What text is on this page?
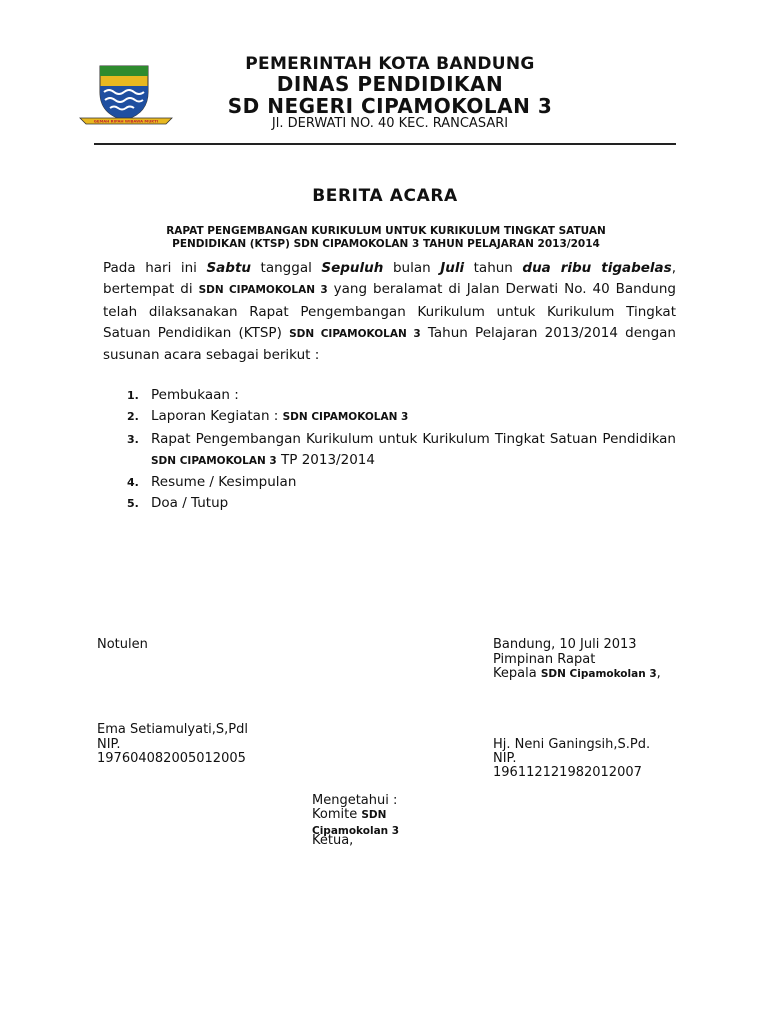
GEMAH RIPAH WIBAWA MUKTI
PEMERINTAH KOTA BANDUNG
DINAS PENDIDIKAN
SD NEGERI CIPAMOKOLAN 3
Jl. DERWATI NO. 40 KEC. RANCASARI
BERITA ACARA
RAPAT PENGEMBANGAN KURIKULUM UNTUK KURIKULUM TINGKAT SATUAN
PENDIDIKAN (KTSP) SDN CIPAMOKOLAN 3 TAHUN PELAJARAN 2013/2014
Pada hari ini Sabtu tanggal Sepuluh bulan Juli tahun dua ribu tigabelas, bertempat di SDN CIPAMOKOLAN 3 yang beralamat di Jalan Derwati No. 40 Bandung telah dilaksanakan Rapat Pengembangan Kurikulum untuk Kurikulum Tingkat Satuan Pendidikan (KTSP) SDN CIPAMOKOLAN 3 Tahun Pelajaran 2013/2014 dengan susunan acara sebagai berikut :
1. Pembukaan :
2. Laporan Kegiatan : SDN CIPAMOKOLAN 3
3. Rapat Pengembangan Kurikulum untuk Kurikulum Tingkat Satuan Pendidikan SDN CIPAMOKOLAN 3 TP 2013/2014
4. Resume / Kesimpulan
5. Doa / Tutup
Notulen
Ema Setiamulyati,S,Pdl
NIP.
197604082005012005
Bandung, 10 Juli 2013
Pimpinan Rapat
Kepala SDN Cipamokolan 3,
Hj. Neni Ganingsih,S.Pd.
NIP.
19611212198201200​7
Mengetahui :
Komite SDN Cipamokolan 3
Ketua,
